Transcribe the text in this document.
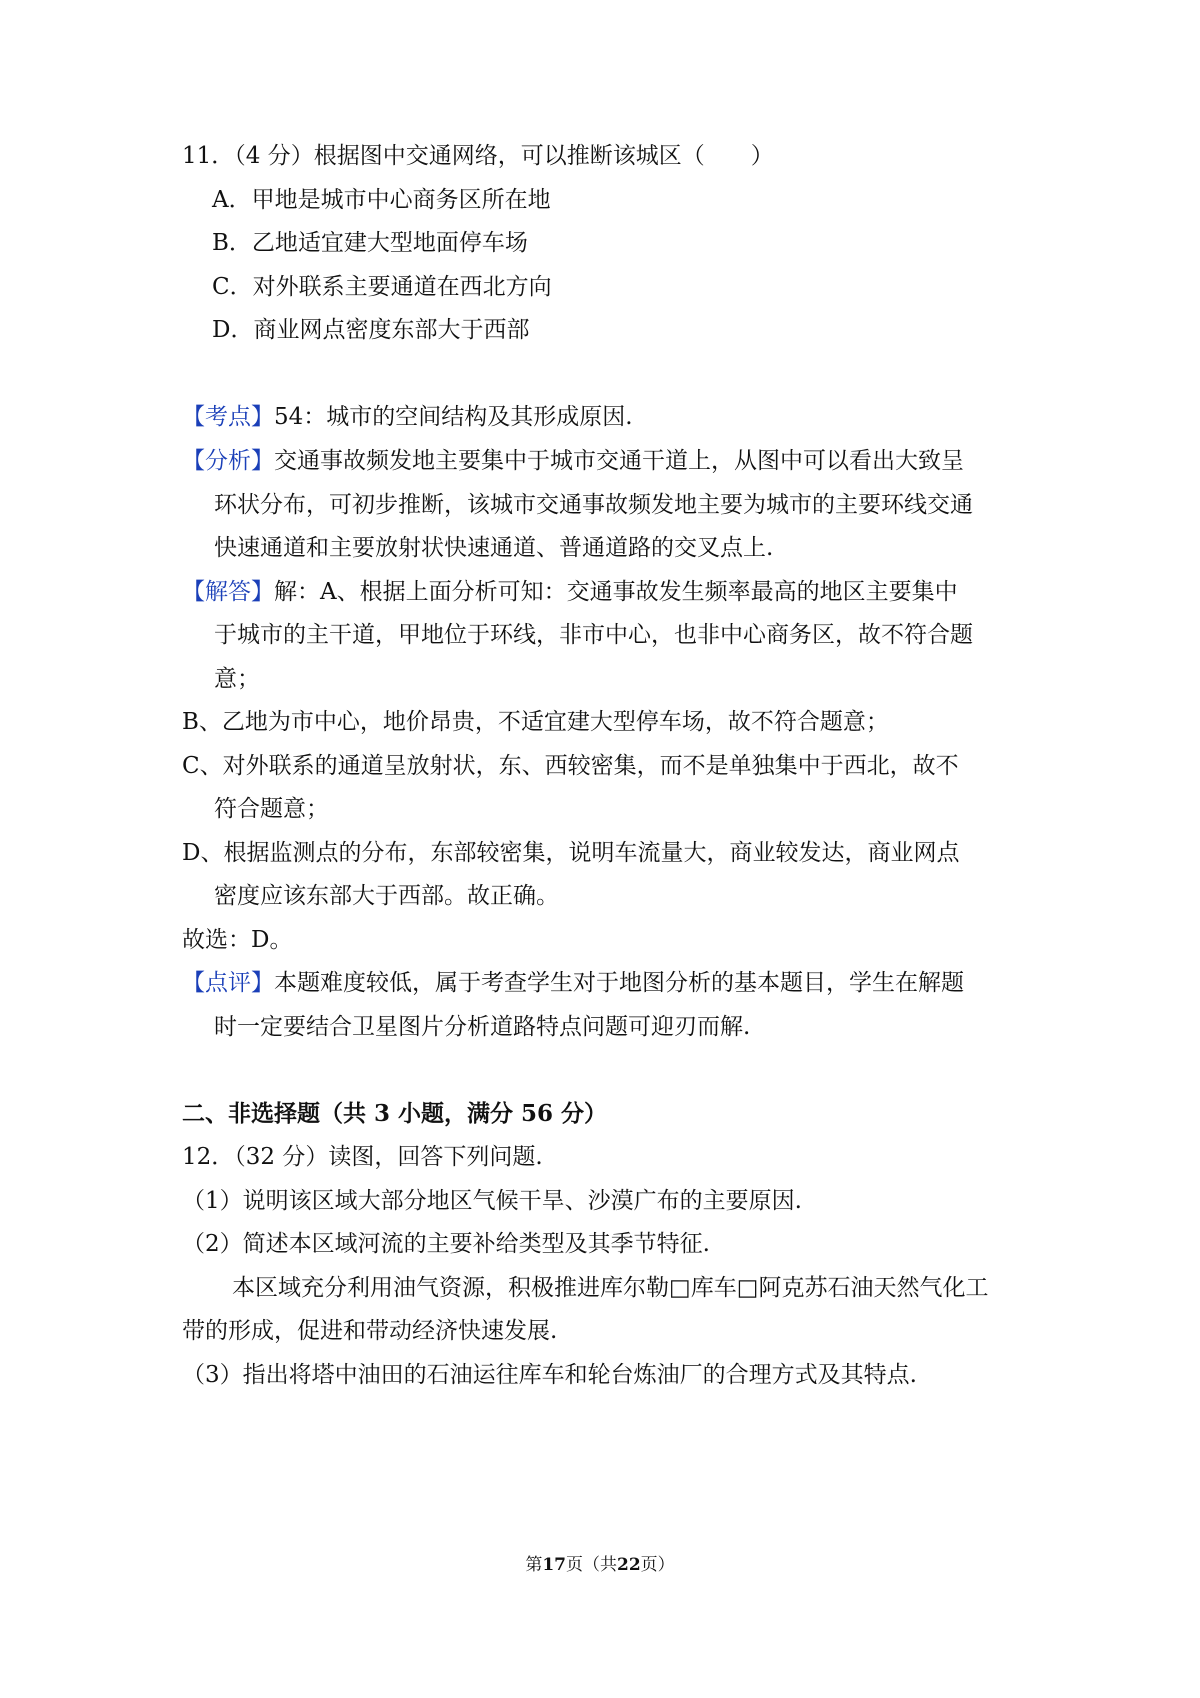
11．（4 分）根据图中交通网络，可以推断该城区（　　）
A．甲地是城市中心商务区所在地
B．乙地适宜建大型地面停车场
C．对外联系主要通道在西北方向
D．商业网点密度东部大于西部
【考点】54：城市的空间结构及其形成原因.
【分析】交通事故频发地主要集中于城市交通干道上，从图中可以看出大致呈
环状分布，可初步推断，该城市交通事故频发地主要为城市的主要环线交通
快速通道和主要放射状快速通道、普通道路的交叉点上.
【解答】解：A、根据上面分析可知：交通事故发生频率最高的地区主要集中
于城市的主干道，甲地位于环线，非市中心，也非中心商务区，故不符合题
意；
B、乙地为市中心，地价昂贵，不适宜建大型停车场，故不符合题意；
C、对外联系的通道呈放射状，东、西较密集，而不是单独集中于西北，故不
符合题意；
D、根据监测点的分布，东部较密集，说明车流量大，商业较发达，商业网点
密度应该东部大于西部。故正确。
故选：D。
【点评】本题难度较低，属于考查学生对于地图分析的基本题目，学生在解题
时一定要结合卫星图片分析道路特点问题可迎刃而解.
二、非选择题（共 3 小题，满分 56 分）
12．（32 分）读图，回答下列问题.
（1）说明该区域大部分地区气候干旱、沙漠广布的主要原因.
（2）简述本区域河流的主要补给类型及其季节特征.
本区域充分利用油气资源，积极推进库尔勒□库车□阿克苏石油天然气化工
带的形成，促进和带动经济快速发展.
（3）指出将塔中油田的石油运往库车和轮台炼油厂的合理方式及其特点.
第17页（共22页）
